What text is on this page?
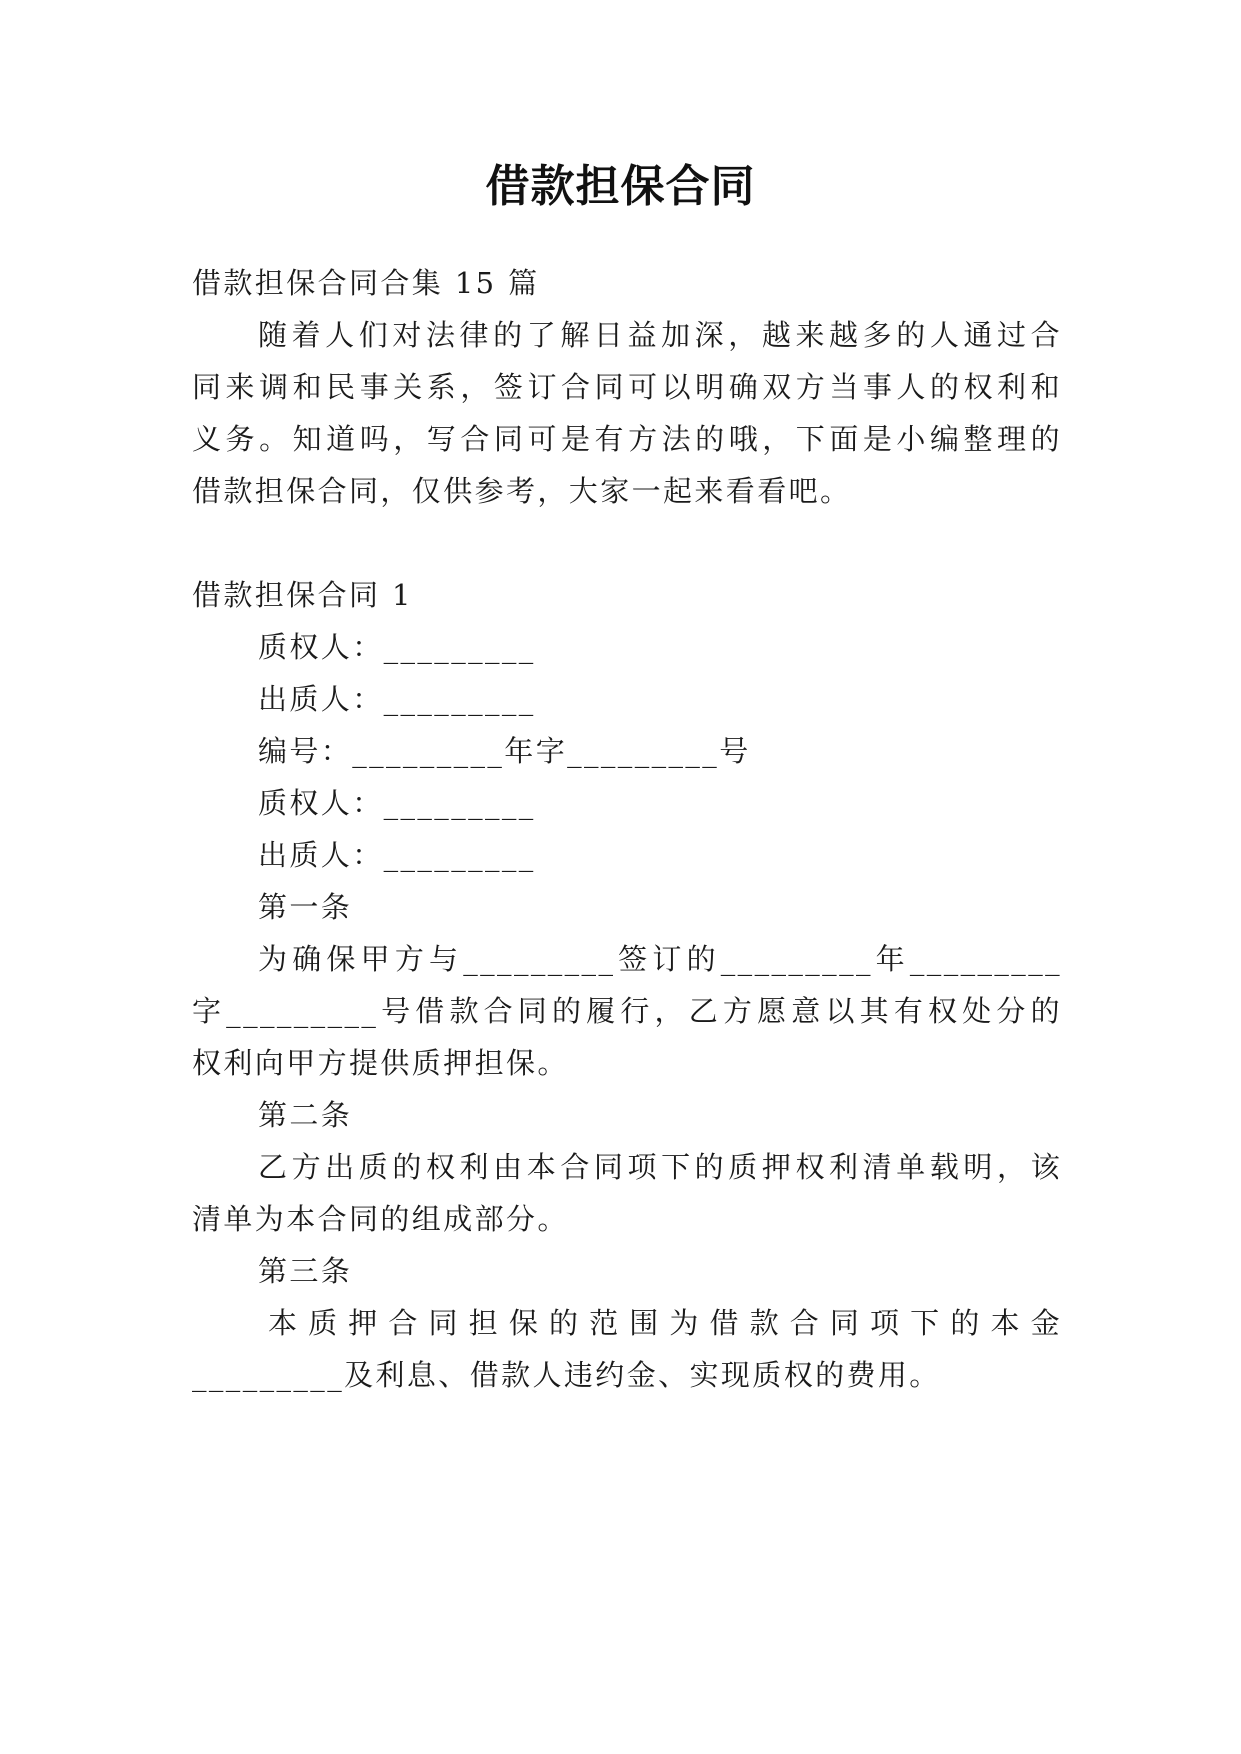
借款担保合同
借款担保合同合集 15 篇
随着人们对法律的了解日益加深，越来越多的人通过合
同来调和民事关系，签订合同可以明确双方当事人的权利和
义务。知道吗，写合同可是有方法的哦，下面是小编整理的
借款担保合同，仅供参考，大家一起来看看吧。
借款担保合同 1
质权人：_________
出质人：_________
编号：_________年字_________号
质权人：_________
出质人：_________
第一条
为确保甲方与_________签订的_________年_________
字_________号借款合同的履行，乙方愿意以其有权处分的
权利向甲方提供质押担保。
第二条
乙方出质的权利由本合同项下的质押权利清单载明，该
清单为本合同的组成部分。
第三条
本质押合同担保的范围为借款合同项下的本金
_________及利息、借款人违约金、实现质权的费用。
